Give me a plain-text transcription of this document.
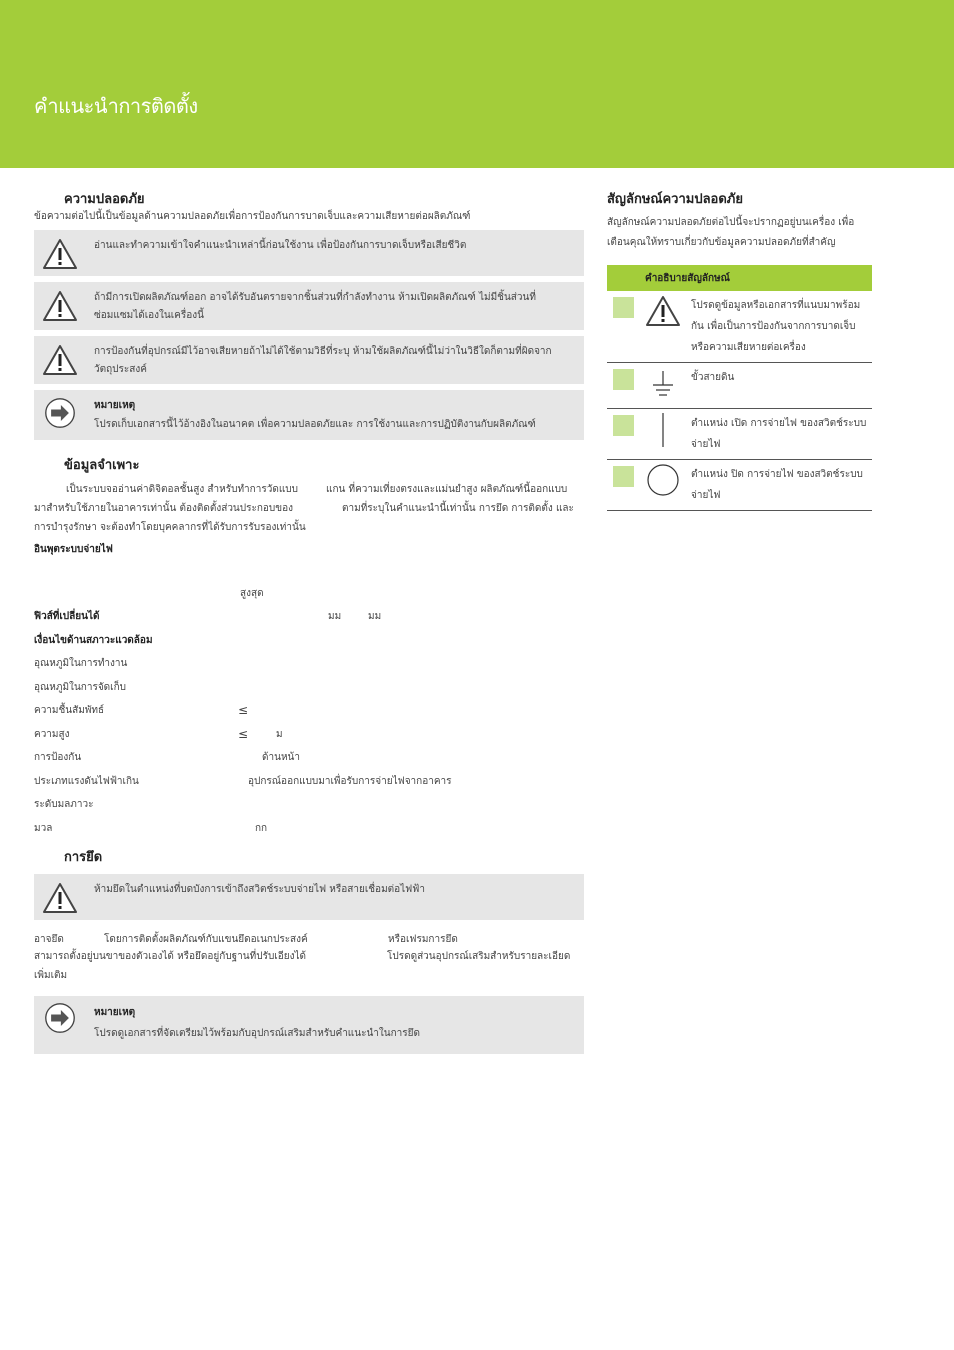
คำแนะนำการติดตั้ง
ความปลอดภัย
ข้อความต่อไปนี้เป็นข้อมูลด้านความปลอดภัยเพื่อการป้องกันการบาดเจ็บและความเสียหายต่อผลิตภัณฑ์
อ่านและทำความเข้าใจคำแนะนำเหล่านี้ก่อนใช้งาน เพื่อป้องกันการบาดเจ็บหรือเสียชีวิต
ถ้ามีการเปิดผลิตภัณฑ์ออก อาจได้รับอันตรายจากชิ้นส่วนที่กำลังทำงาน ห้ามเปิดผลิตภัณฑ์ ไม่มีชิ้นส่วนที่ซ่อมแซมได้เองในเครื่องนี้
การป้องกันที่อุปกรณ์มีไว้อาจเสียหายถ้าไม่ได้ใช้ตามวิธีที่ระบุ ห้ามใช้ผลิตภัณฑ์นี้ไม่ว่าในวิธีใดก็ตามที่ผิดจากวัตถุประสงค์
หมายเหตุ
โปรดเก็บเอกสารนี้ไว้อ้างอิงในอนาคต เพื่อความปลอดภัยและ การใช้งานและการปฏิบัติงานกับผลิตภัณฑ์
ข้อมูลจำเพาะ
เป็นระบบจออ่านค่าดิจิตอลชั้นสูง สำหรับทำการวัดแบบ	แกน ที่ความเที่ยงตรงและแม่นยำสูง ผลิตภัณฑ์นี้ออกแบบ
มาสำหรับใช้ภายในอาคารเท่านั้น ต้องติดตั้งส่วนประกอบของ	ตามที่ระบุในคำแนะนำนี้เท่านั้น การยึด การติดตั้ง และ
การบำรุงรักษา จะต้องทำโดยบุคคลากรที่ได้รับการรับรองเท่านั้น
อินพุตระบบจ่ายไฟ
สูงสุด
ฟิวส์ที่เปลี่ยนได้	มม	มม
เงื่อนไขด้านสภาวะแวดล้อม
อุณหภูมิในการทำงาน
อุณหภูมิในการจัดเก็บ
ความชื้นสัมพัทธ์	≤
ความสูง	≤	ม
การป้องกัน	ด้านหน้า
ประเภทแรงดันไฟฟ้าเกิน	อุปกรณ์ออกแบบมาเพื่อรับการจ่ายไฟจากอาคาร
ระดับมลภาวะ
มวล	กก
การยึด
ห้ามยึดในตำแหน่งที่บดบังการเข้าถึงสวิตช์ระบบจ่ายไฟ หรือสายเชื่อมต่อไฟฟ้า
อาจยึด	โดยการติดตั้งผลิตภัณฑ์กับแขนยึดอเนกประสงค์	หรือเฟรมการยึด
สามารถตั้งอยู่บนขาของตัวเองได้ หรือยึดอยู่กับฐานที่ปรับเอียงได้	โปรดดูส่วนอุปกรณ์เสริมสำหรับรายละเอียด
เพิ่มเติม
หมายเหตุ
โปรดดูเอกสารที่จัดเตรียมไว้พร้อมกับอุปกรณ์เสริมสำหรับคำแนะนำในการยึด
สัญลักษณ์ความปลอดภัย
สัญลักษณ์ความปลอดภัยต่อไปนี้จะปรากฏอยู่บนเครื่อง เพื่อ
เตือนคุณให้ทราบเกี่ยวกับข้อมูลความปลอดภัยที่สำคัญ
คำอธิบายสัญลักษณ์	

	โปรดดูข้อมูลหรือเอกสารที่แนบมาพร้อมกัน เพื่อเป็นการป้องกันจากการบาดเจ็บ หรือความเสียหายต่อเครื่อง

	ขั้วสายดิน

	ตำแหน่ง เปิด การจ่ายไฟ ของสวิตช์ระบบจ่ายไฟ

	ตำแหน่ง ปิด การจ่ายไฟ ของสวิตช์ระบบจ่ายไฟ
